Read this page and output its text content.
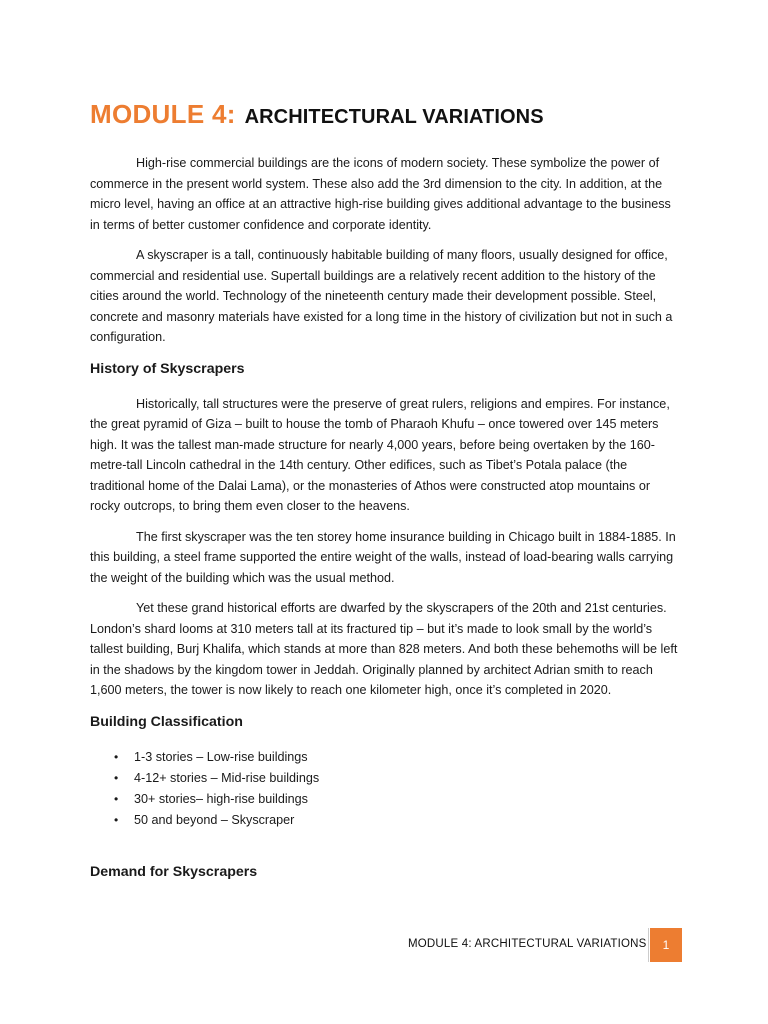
MODULE 4: ARCHITECTURAL VARIATIONS

High-rise commercial buildings are the icons of modern society. These symbolize the power of commerce in the present world system. These also add the 3rd dimension to the city. In addition, at the micro level, having an office at an attractive high-rise building gives additional advantage to the business in terms of better customer confidence and corporate identity.

A skyscraper is a tall, continuously habitable building of many floors, usually designed for office, commercial and residential use. Supertall buildings are a relatively recent addition to the history of the cities around the world. Technology of the nineteenth century made their development possible. Steel, concrete and masonry materials have existed for a long time in the history of civilization but not in such a configuration.

History of Skyscrapers

Historically, tall structures were the preserve of great rulers, religions and empires. For instance, the great pyramid of Giza – built to house the tomb of Pharaoh Khufu – once towered over 145 meters high. It was the tallest man-made structure for nearly 4,000 years, before being overtaken by the 160-metre-tall Lincoln cathedral in the 14th century. Other edifices, such as Tibet’s Potala palace (the traditional home of the Dalai Lama), or the monasteries of Athos were constructed atop mountains or rocky outcrops, to bring them even closer to the heavens.

The first skyscraper was the ten storey home insurance building in Chicago built in 1884-1885. In this building, a steel frame supported the entire weight of the walls, instead of load-bearing walls carrying the weight of the building which was the usual method.

Yet these grand historical efforts are dwarfed by the skyscrapers of the 20th and 21st centuries. London’s shard looms at 310 meters tall at its fractured tip – but it’s made to look small by the world’s tallest building, Burj Khalifa, which stands at more than 828 meters. And both these behemoths will be left in the shadows by the kingdom tower in Jeddah. Originally planned by architect Adrian smith to reach 1,600 meters, the tower is now likely to reach one kilometer high, once it’s completed in 2020.

Building Classification
• 1-3 stories – Low-rise buildings
• 4-12+ stories – Mid-rise buildings
• 30+ stories– high-rise buildings
• 50 and beyond – Skyscraper
Demand for Skyscrapers
MODULE 4: ARCHITECTURAL VARIATIONS	1
